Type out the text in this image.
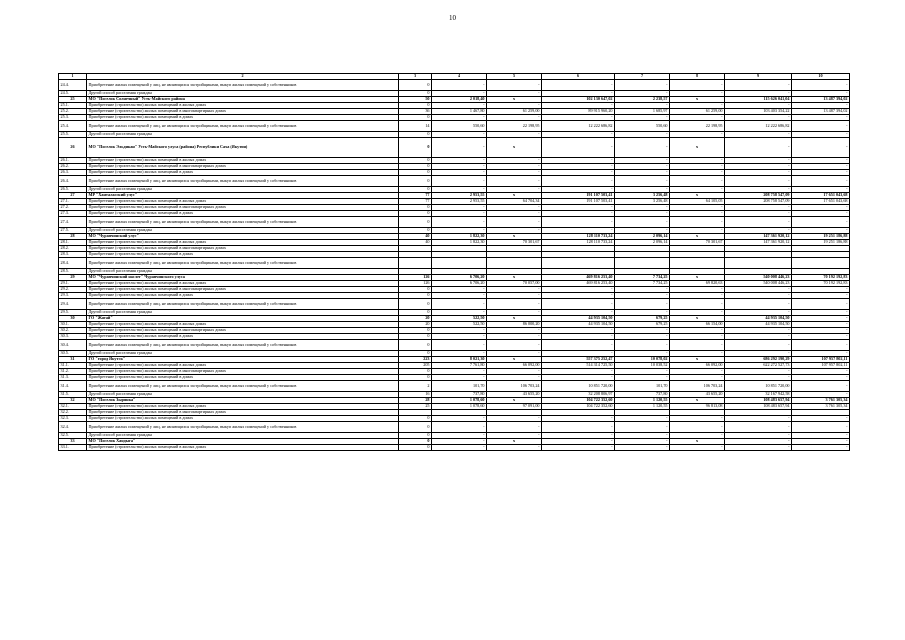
10
1	2	3	4	5	6	7	8	9	10
24.4.	Приобретение жилых помещений у лиц, не являющихся застройщиками, выкуп жилых помещений у собственников	0	-	-	-	-	-	-	-
24.5.	Другой способ расселения граждан	0	-	-	-	-	-	-	-
25	МО "Поселок Солнечный" Усть-Майского района	50	2 018,40	х	102 130 647,02	2 238,57	х	115 626 041,04	13 487 394,02
25.1.	Приобретение (строительство) жилых помещений в жилых домах	0	-	-	-	-	-	-	-
25.2.	Приобретение (строительство) жилых помещений в многоквартирных домах	36	1 467,80	61 259,00	89 915 960,20	1 685,97	61 259,00	103 403 354,22	13 487 394,02
25.3.	Приобретение (строительство) жилых помещений в домах	0	-	-	-	-	-	-	-
25.4.	Приобретение жилых помещений у лиц, не являющихся застройщиками, выкуп жилых помещений у собственников	14	550,60	22 198,95	12 222 686,82	550,60	22 198,95	12 222 686,82	-
25.5.	Другой способ расселения граждан	0	-	-	-	-	-	-	-
26	МО "Поселок Эльдикан" Усть-Майского улуса (района) Республики Саха (Якутия)	0	-	х	-	-	х	-	-
26.1.	Приобретение (строительство) жилых помещений в жилых домах	0	-	-	-	-	-	-	-
26.2.	Приобретение (строительство) жилых помещений в многоквартирных домах	0	-	-	-	-	-	-	-
26.3.	Приобретение (строительство) жилых помещений в домах	0	-	-	-	-	-	-	-
26.4.	Приобретение жилых помещений у лиц, не являющихся застройщиками, выкуп жилых помещений у собственников	0	-	-	-	-	-	-	-
26.5.	Другой способ расселения граждан	0	-	-	-	-	-	-	-
27	МР "Ханталасский улус"	77	2 953,55	х	191 107 503,41	3 256,48	х	208 758 547,09	17 651 043,68
27.1.	Приобретение (строительство) жилых помещений в жилых домах	77	2 953,55	64 704,34	191 107 503,41	3 256,48	64 105,05	208 758 547,09	17 651 043,68
27.2.	Приобретение (строительство) жилых помещений в многоквартирных домах	0	-	-	-	-	-	-	-
27.3.	Приобретение (строительство) жилых помещений в домах	0	-	-	-	-	-	-	-
27.4.	Приобретение жилых помещений у лиц, не являющихся застройщиками, выкуп жилых помещений у собственников	0	-	-	-	-	-	-	-
27.5.	Другой способ расселения граждан	0	-	-	-	-	-	-	-
28	МО "Чурапчинский улус"	40	1 822,30	х	128 110 733,24	2 096,14	х	147 361 920,12	19 251 186,88
28.1.	Приобретение (строительство) жилых помещений в жилых домах	40	1 822,30	70 301,67	128 110 733,24	2 096,14	70 301,67	147 361 920,12	19 251 186,88
28.2.	Приобретение (строительство) жилых помещений в многоквартирных домах								
28.3.	Приобретение (строительство) жилых помещений в домах								
28.4.	Приобретение жилых помещений у лиц, не являющихся застройщиками, выкуп жилых помещений у собственников								
28.5.	Другой способ расселения граждан								
29	МО "Чурапчинский наслег" Чурапчинского улуса	126	6 706,20	х	469 816 253,40	7 734,25	х	540 008 446,23	70 192 192,83
29.1.	Приобретение (строительство) жилых помещений в жилых домах	126	6 706,20	70 057,00	469 816 253,40	7 734,25	69 820,63	540 008 446,23	70 192 192,83
29.2.	Приобретение (строительство) жилых помещений в многоквартирных домах	0	-	-	-	-	-	-	-
29.3.	Приобретение (строительство) жилых помещений в домах	0	-	-	-	-	-	-	-
29.4.	Приобретение жилых помещений у лиц, не являющихся застройщиками, выкуп жилых помещений у собственников	0	-	-	-	-	-	-	-
29.5.	Другой способ расселения граждан	0	-	-	-	-	-	-	-
30	ГО "Жатай"	20	522,50	х	44 935 104,50	679,25	х	44 935 104,50	-
30.1.	Приобретение (строительство) жилых помещений в жилых домах	20	522,50	86 000,20	44 935 104,50	679,25	66 154,00	44 935 104,50	-
30.2.	Приобретение (строительство) жилых помещений в многоквартирных домах	0	-	-	-	-	-	-	-
30.3.	Приобретение (строительство) жилых помещений в домах	0	-	-	-	-	-	-	-
30.4.	Приобретение жилых помещений у лиц, не являющихся застройщиками, выкуп жилых помещений у собственников	0	-	-	-	-	-	-	-
30.5.	Другой способ расселения граждан	0	-	-	-	-	-	-	-
31	ГО "город Якутск"	223	8 021,30	х	557 375 252,47	10 078,02	х	686 292 190,29	107 957 802,11
31.1.	Приобретение (строительство) жилых помещений в жилых домах	205	7 761,80	66 092,00	514 314 725,50	10 038,52	66 092,00	622 272 527,73	107 957 802,11
31.2.	Приобретение (строительство) жилых помещений в многоквартирных домах	0	-	-	-	-	-	-	-
31.3.	Приобретение (строительство) жилых помещений в домах	0	-	-	-	-	-	-	-
31.4.	Приобретение жилых помещений у лиц, не являющихся застройщиками, выкуп жилых помещений у собственников	2	101,70	106 703,24	10 851 720,00	101,70	106 703,24	10 851 720,00	-
31.5.	Другой способ расселения граждан	16	737,80	43 655,20	32 208 806,97	737,80	43 655,20	32 167 942,58	-
32	МО "Поселок Зырянка"	28	1 078,60	х	104 722 352,60	1 120,55	х	108 483 657,94	3 761 305,34
32.1.	Приобретение (строительство) жилых помещений в жилых домах	25	1 078,60	97 091,00	104 722 352,60	1 120,55	96 813,08	108 483 657,94	3 761 305,34
32.2.	Приобретение (строительство) жилых помещений в многоквартирных домах								
32.3.	Приобретение (строительство) жилых помещений в домах	0	-	-	-	-	-	-	-
32.4.	Приобретение жилых помещений у лиц, не являющихся застройщиками, выкуп жилых помещений у собственников	0	-	-	-	-	-	-	-
32.5.	Другой способ расселения граждан	0	-	-	-	-	-	-	-
33	МО "Поселок Хандыга"	0	-	х	-	-	х	-	-
33.1.	Приобретение (строительство) жилых помещений в жилых домах	0	-	-	-	-	-	-	-
